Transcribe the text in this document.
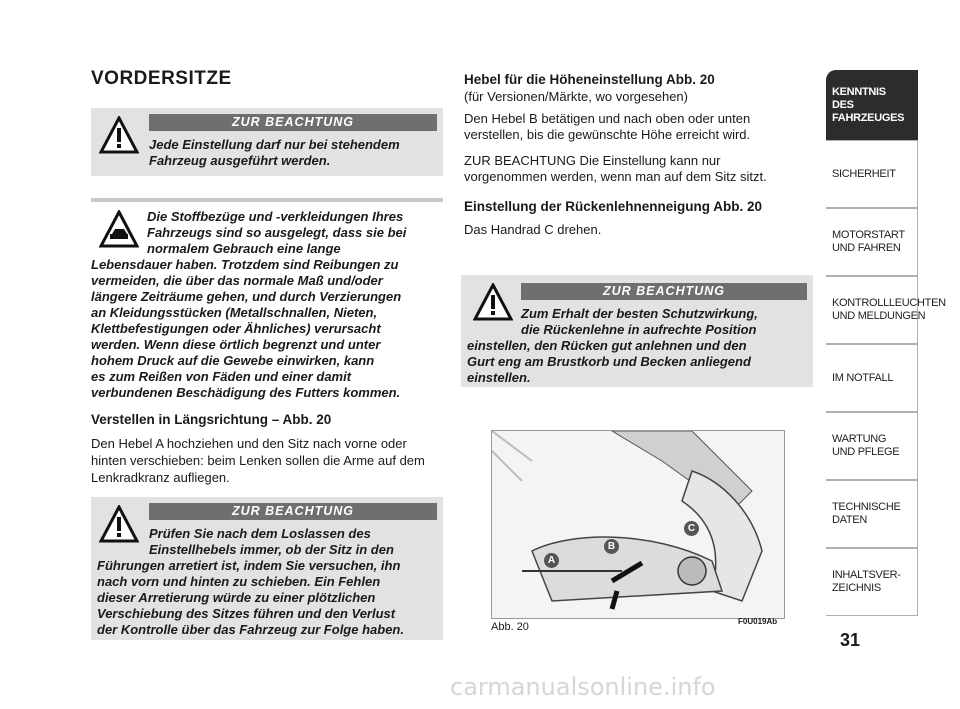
VORDERSITZE
ZUR BEACHTUNG
Jede Einstellung darf nur bei stehendem
Fahrzeug ausgeführt werden.
Die Stoffbezüge und -verkleidungen Ihres
Fahrzeugs sind so ausgelegt, dass sie bei
normalem Gebrauch eine lange
Lebensdauer haben. Trotzdem sind Reibungen zu
vermeiden, die über das normale Maß und/oder
längere Zeiträume gehen, und durch Verzierungen
an Kleidungsstücken (Metallschnallen, Nieten,
Klettbefestigungen oder Ähnliches) verursacht
werden. Wenn diese örtlich begrenzt und unter
hohem Druck auf die Gewebe einwirken, kann
es zum Reißen von Fäden und einer damit
verbundenen Beschädigung des Futters kommen.
Verstellen in Längsrichtung – Abb. 20
Den Hebel A hochziehen und den Sitz nach vorne oder
hinten verschieben: beim Lenken sollen die Arme auf dem
Lenkradkranz aufliegen.
ZUR BEACHTUNG
Prüfen Sie nach dem Loslassen des
Einstellhebels immer, ob der Sitz in den
Führungen arretiert ist, indem Sie versuchen, ihn
nach vorn und hinten zu schieben. Ein Fehlen
dieser Arretierung würde zu einer plötzlichen
Verschiebung des Sitzes führen und den Verlust
der Kontrolle über das Fahrzeug zur Folge haben.
Hebel für die Höheneinstellung Abb. 20
(für Versionen/Märkte, wo vorgesehen)
Den Hebel B betätigen und nach oben oder unten
verstellen, bis die gewünschte Höhe erreicht wird.
ZUR BEACHTUNG Die Einstellung kann nur
vorgenommen werden, wenn man auf dem Sitz sitzt.
Einstellung der Rückenlehnenneigung Abb. 20
Das Handrad C drehen.
ZUR BEACHTUNG
Zum Erhalt der besten Schutzwirkung,
die Rückenlehne in aufrechte Position
einstellen, den Rücken gut anlehnen und den
Gurt eng am Brustkorb und Becken anliegend
einstellen.
A
B
C
Abb. 20	F0U019Ab
KENNTNIS
DES FAHRZEUGES
SICHERHEIT
MOTORSTART
UND FAHREN
KONTROLLLEUCHTEN
UND MELDUNGEN
IM NOTFALL
WARTUNG
UND PFLEGE
TECHNISCHE
DATEN
INHALTSVER-
ZEICHNIS
31
carmanualsonline.info
